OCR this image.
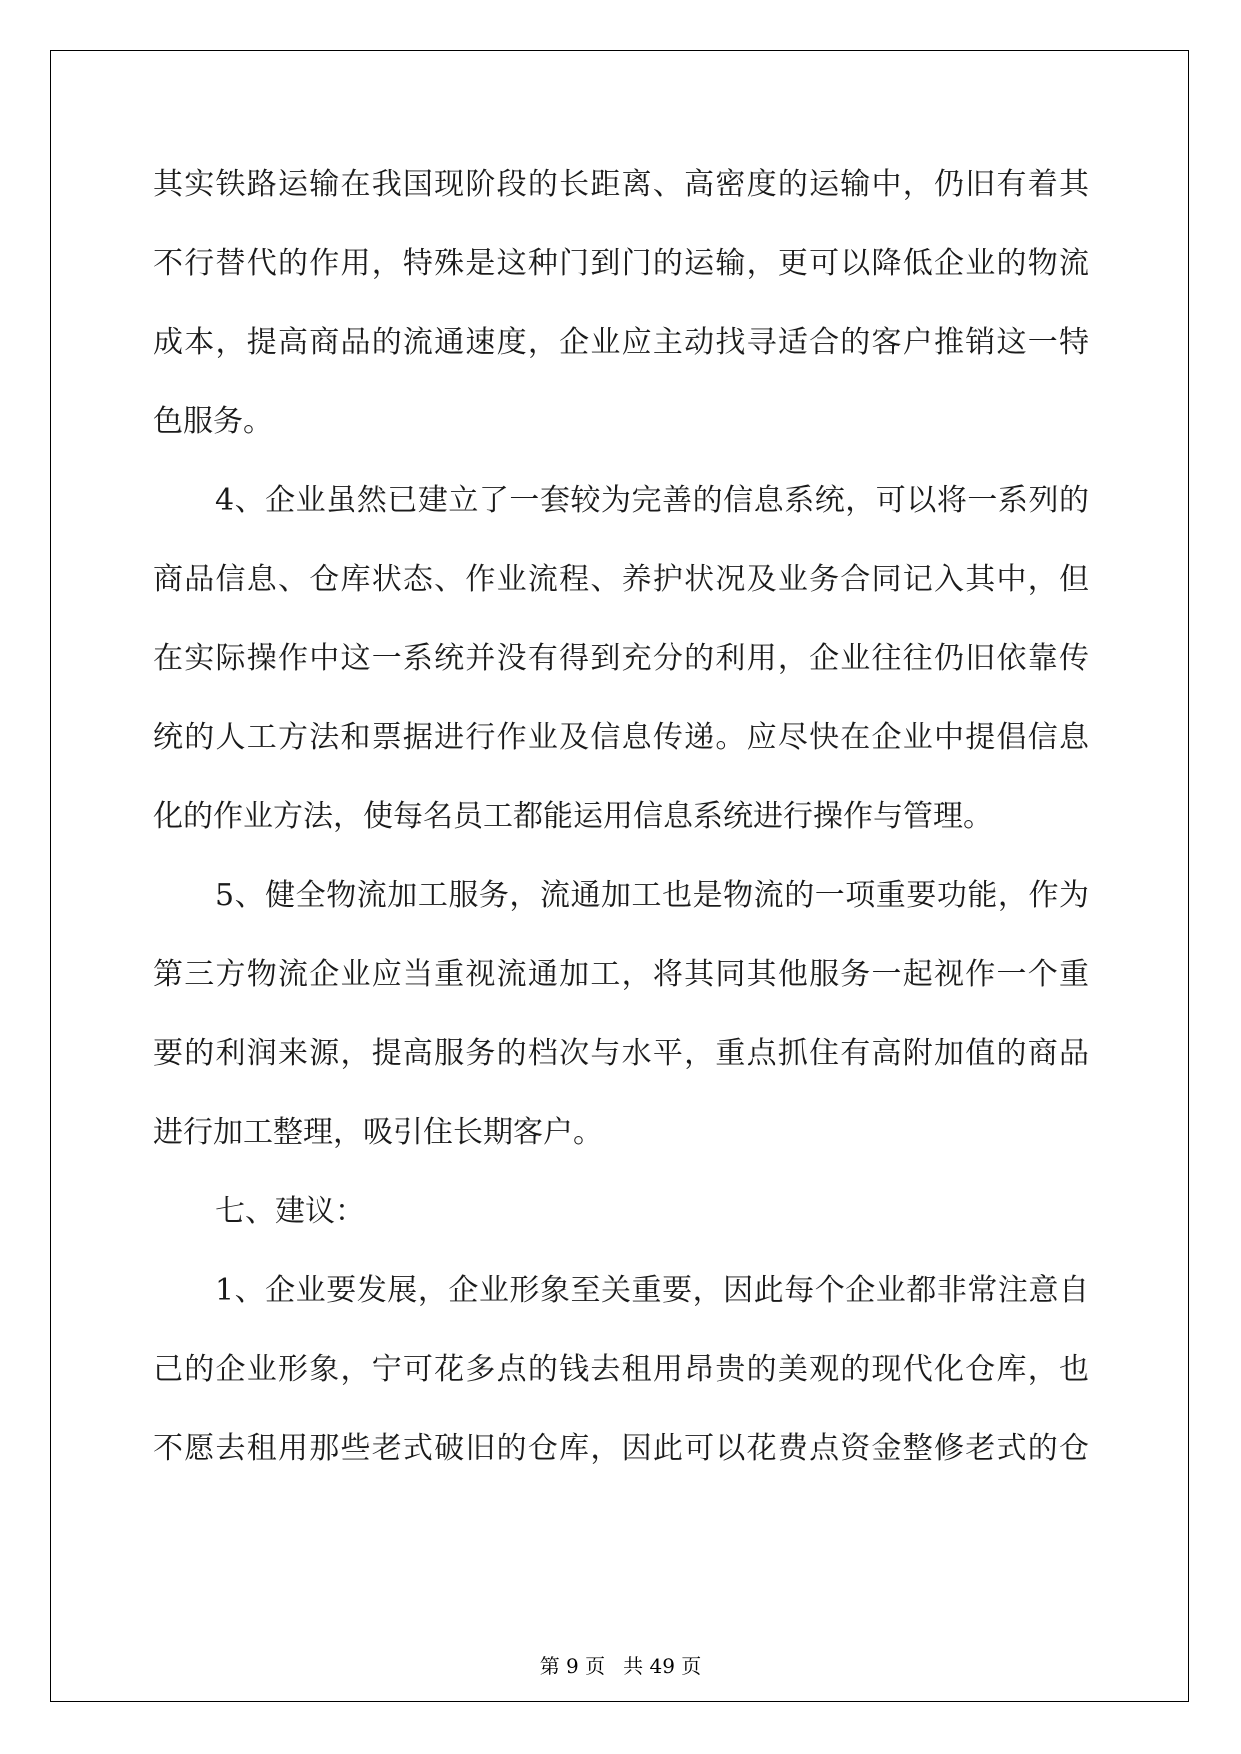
其实铁路运输在我国现阶段的长距离、高密度的运输中，仍旧有着其
不行替代的作用，特殊是这种门到门的运输，更可以降低企业的物流
成本，提高商品的流通速度，企业应主动找寻适合的客户推销这一特
色服务。
4、企业虽然已建立了一套较为完善的信息系统，可以将一系列的
商品信息、仓库状态、作业流程、养护状况及业务合同记入其中，但
在实际操作中这一系统并没有得到充分的利用，企业往往仍旧依靠传
统的人工方法和票据进行作业及信息传递。应尽快在企业中提倡信息
化的作业方法，使每名员工都能运用信息系统进行操作与管理。
5、健全物流加工服务，流通加工也是物流的一项重要功能，作为
第三方物流企业应当重视流通加工，将其同其他服务一起视作一个重
要的利润来源，提高服务的档次与水平，重点抓住有高附加值的商品
进行加工整理，吸引住长期客户。
七、建议：
1、企业要发展，企业形象至关重要，因此每个企业都非常注意自
己的企业形象，宁可花多点的钱去租用昂贵的美观的现代化仓库，也
不愿去租用那些老式破旧的仓库，因此可以花费点资金整修老式的仓
第 9 页 共 49 页
